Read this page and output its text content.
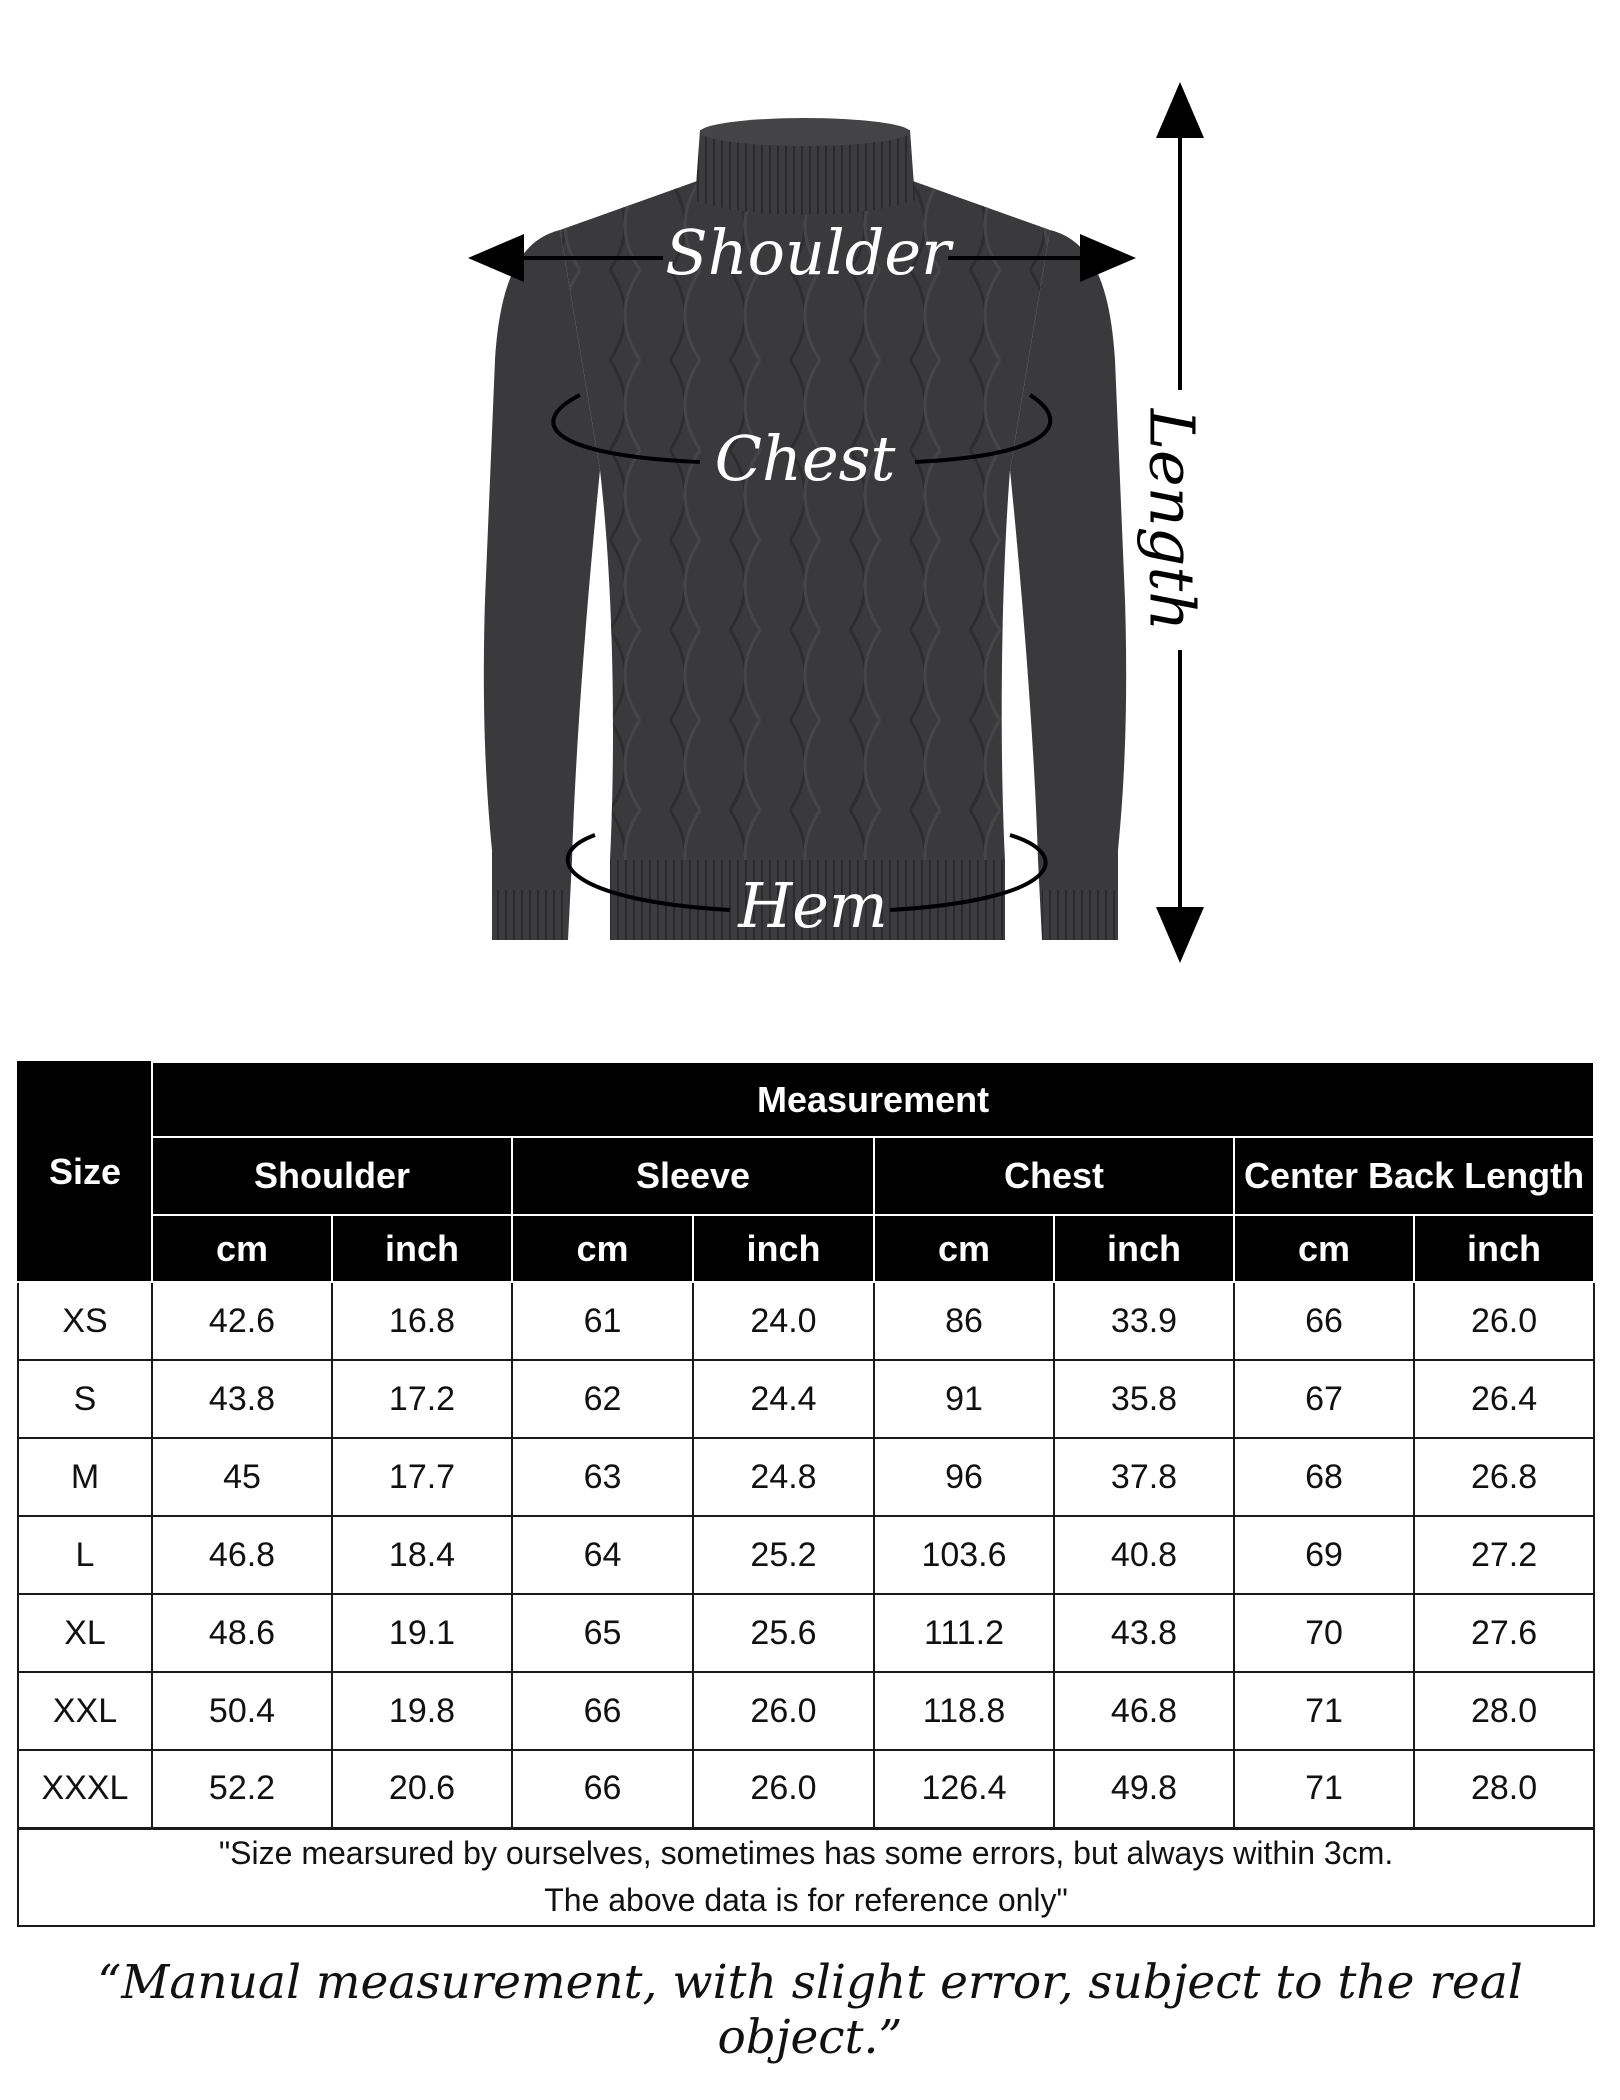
Shoulder
Chest
Hem
Length
Size	Measurement							
	Shoulder		Sleeve		Chest		Center Back Length	
	cm	inch	cm	inch	cm	inch	cm	inch
XS	42.6	16.8	61	24.0	86	33.9	66	26.0
S	43.8	17.2	62	24.4	91	35.8	67	26.4
M	45	17.7	63	24.8	96	37.8	68	26.8
L	46.8	18.4	64	25.2	103.6	40.8	69	27.2
XL	48.6	19.1	65	25.6	111.2	43.8	70	27.6
XXL	50.4	19.8	66	26.0	118.8	46.8	71	28.0
XXXL	52.2	20.6	66	26.0	126.4	49.8	71	28.0

"Size mearsured by ourselves, sometimes has some errors, but always within 3cm.
The above data is for reference only"								
“Manual measurement, with slight error, subject to the real object.”
